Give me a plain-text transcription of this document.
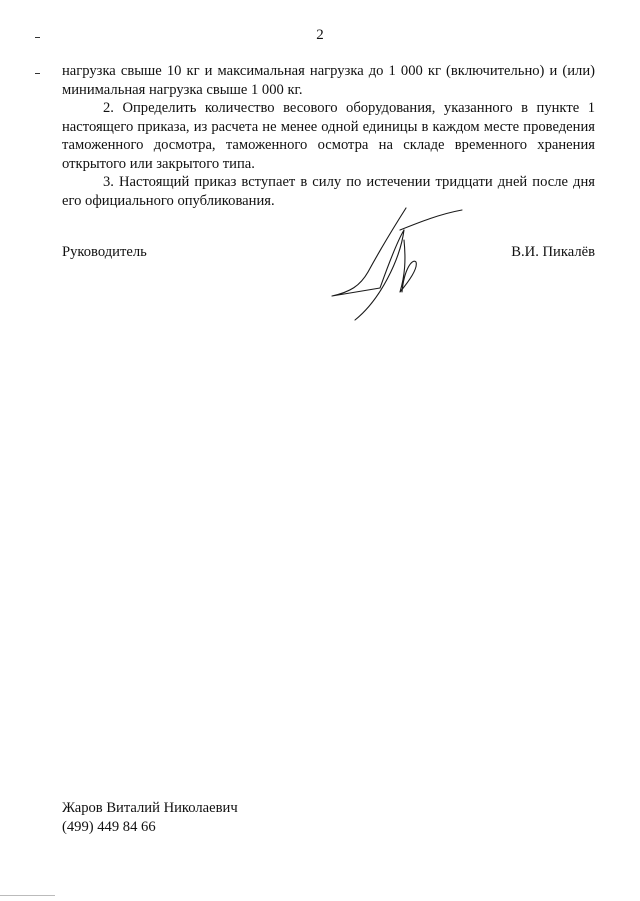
2

нагрузка свыше 10 кг и максимальная нагрузка до 1 000 кг (включительно) и (или) минимальная нагрузка свыше 1 000 кг.

2. Определить количество весового оборудования, указанного в пункте 1 настоящего приказа, из расчета не менее одной единицы в каждом месте проведения таможенного досмотра, таможенного осмотра на складе временного хранения открытого или закрытого типа.

3. Настоящий приказ вступает в силу по истечении тридцати дней после дня его официального опубликования.

Руководитель	В.И. Пикалёв
Жаров Виталий Николаевич
(499) 449 84 66
